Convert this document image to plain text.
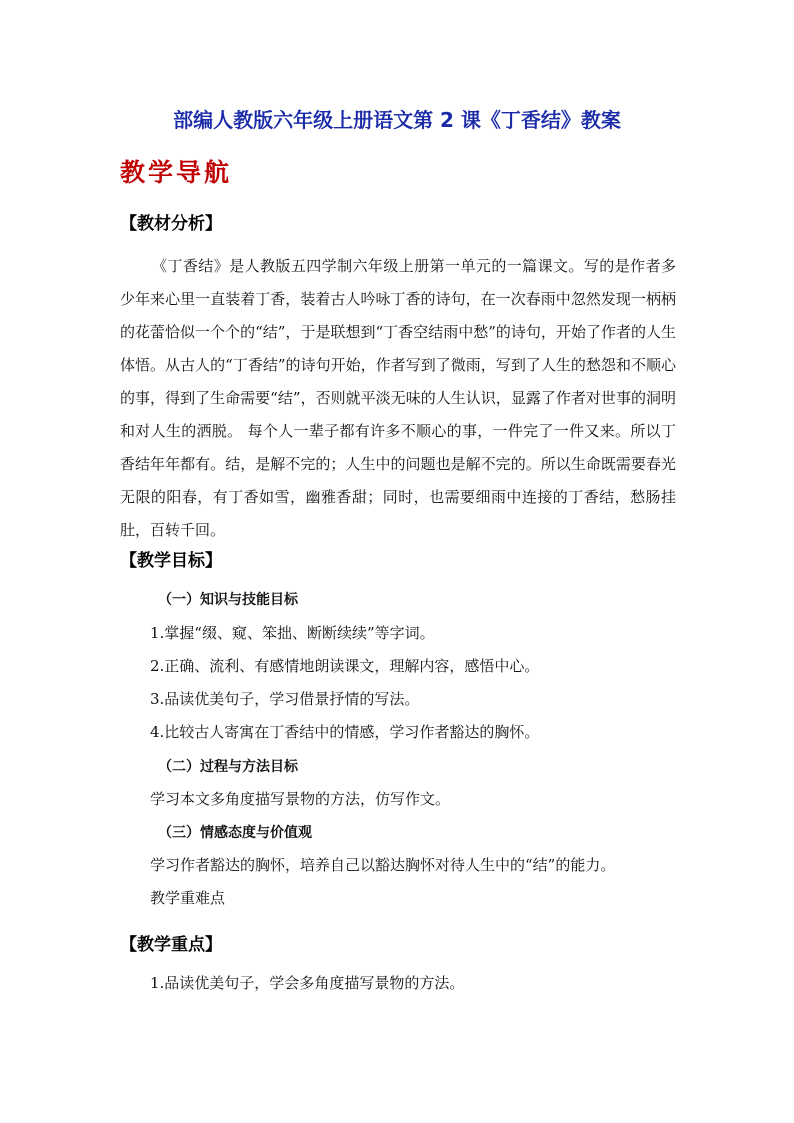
部编人教版六年级上册语文第 2 课《丁香结》教案
教学导航
【教材分析】
《丁香结》是人教版五四学制六年级上册第一单元的一篇课文。写的是作者多少年来心里一直装着丁香，装着古人吟咏丁香的诗句，在一次春雨中忽然发现一柄柄的花蕾恰似一个个的“结”，于是联想到“丁香空结雨中愁”的诗句，开始了作者的人生体悟。从古人的“丁香结”的诗句开始，作者写到了微雨，写到了人生的愁怨和不顺心的事，得到了生命需要“结”，否则就平淡无味的人生认识，显露了作者对世事的洞明和对人生的洒脱。 每个人一辈子都有许多不顺心的事，一件完了一件又来。所以丁香结年年都有。结，是解不完的；人生中的问题也是解不完的。所以生命既需要春光无限的阳春，有丁香如雪，幽雅香甜；同时，也需要细雨中连接的丁香结，愁肠挂肚，百转千回。
【教学目标】
（一）知识与技能目标
1.掌握“缀、窥、笨拙、断断续续”等字词。
2.正确、流利、有感情地朗读课文，理解内容，感悟中心。
3.品读优美句子，学习借景抒情的写法。
4.比较古人寄寓在丁香结中的情感，学习作者豁达的胸怀。
（二）过程与方法目标
学习本文多角度描写景物的方法，仿写作文。
（三）情感态度与价值观
学习作者豁达的胸怀，培养自己以豁达胸怀对待人生中的“结”的能力。
教学重难点
【教学重点】
1.品读优美句子，学会多角度描写景物的方法。
